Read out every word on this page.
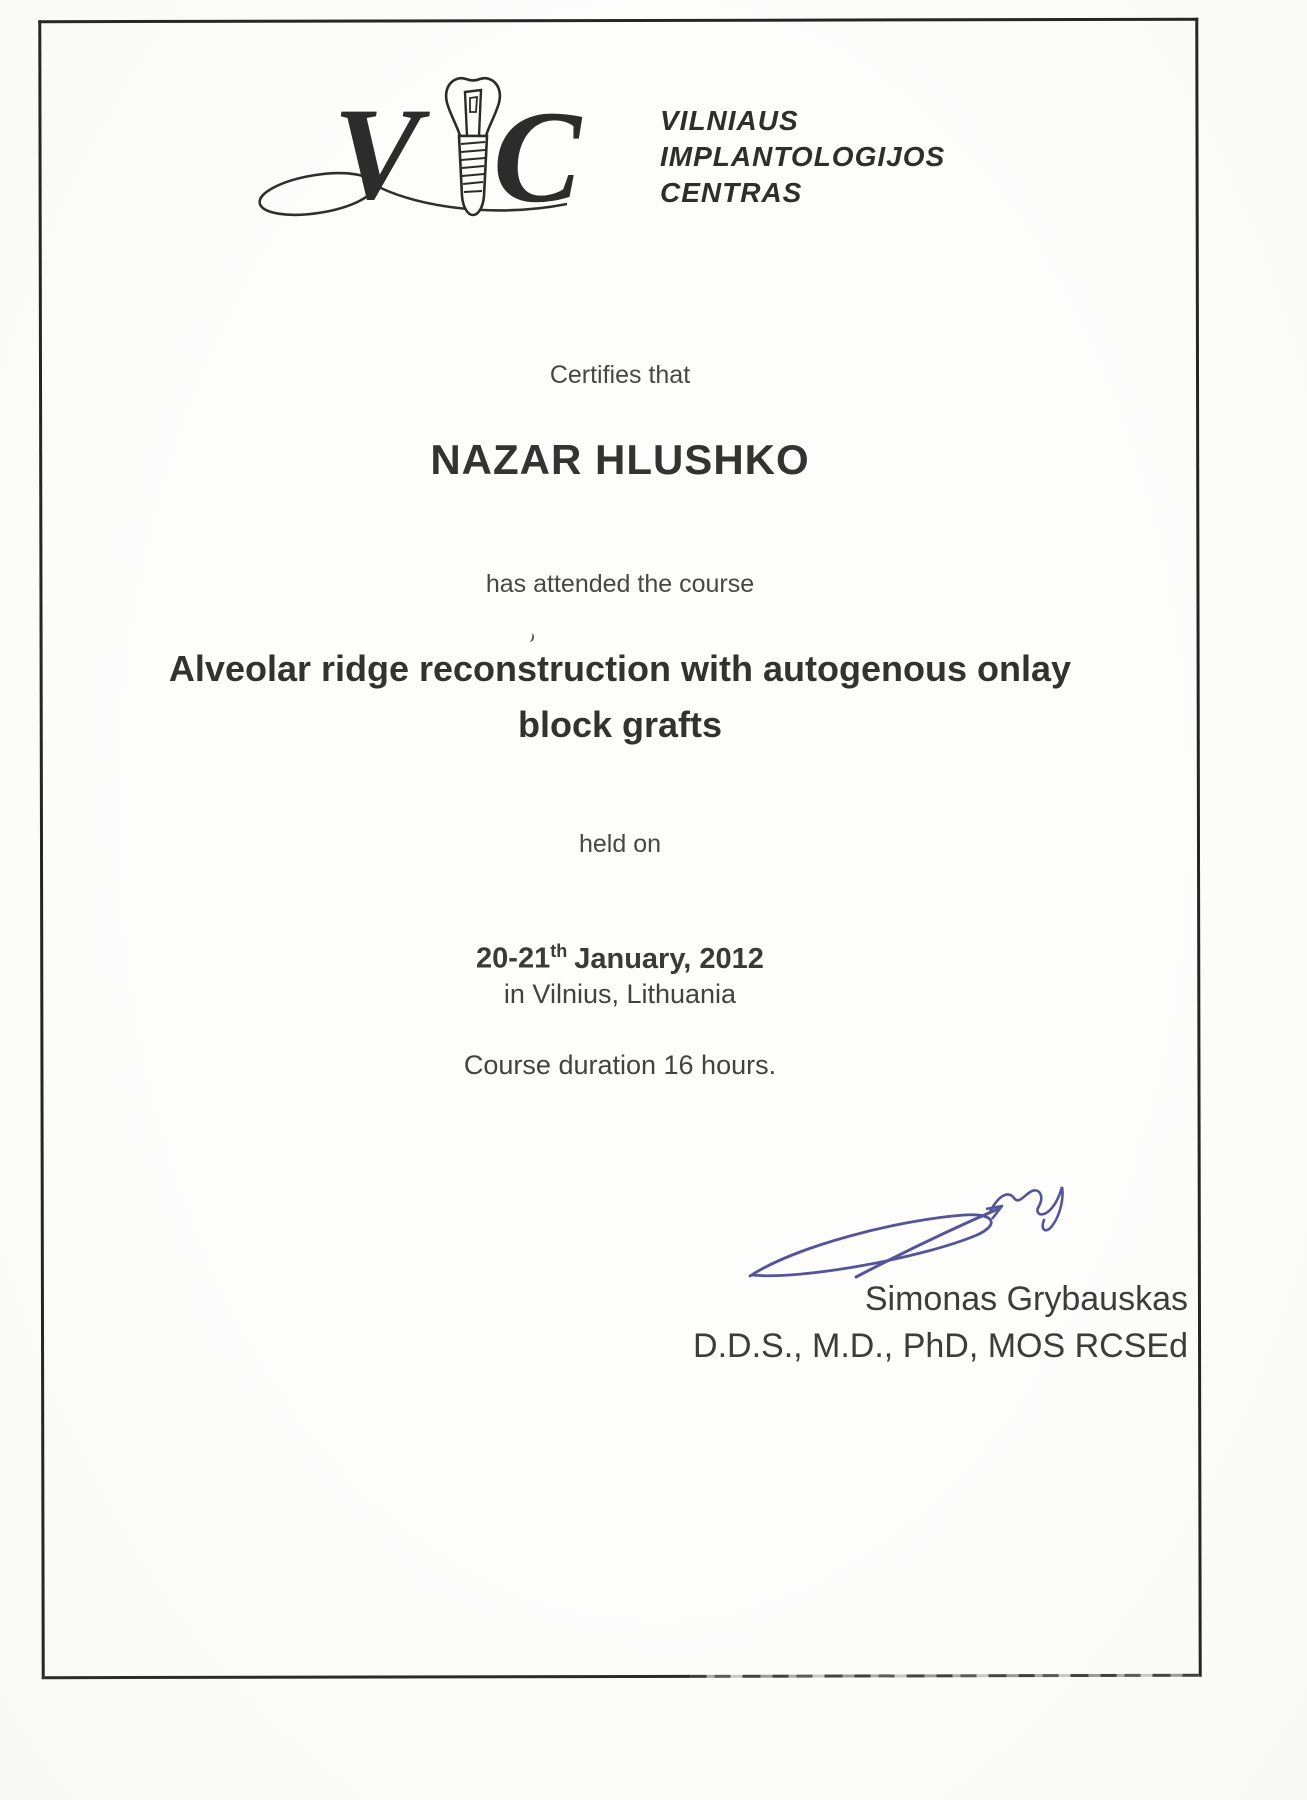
V C	VILNIAUS
IMPLANTOLOGIJOS
CENTRAS
Certifies that
NAZAR HLUSHKO
has attended the course
Alveolar ridge reconstruction with autogenous onlay
block grafts
held on
20-21th January, 2012
in Vilnius, Lithuania
Course duration 16 hours.
Simonas Grybauskas
D.D.S., M.D., PhD, MOS RCSEd
